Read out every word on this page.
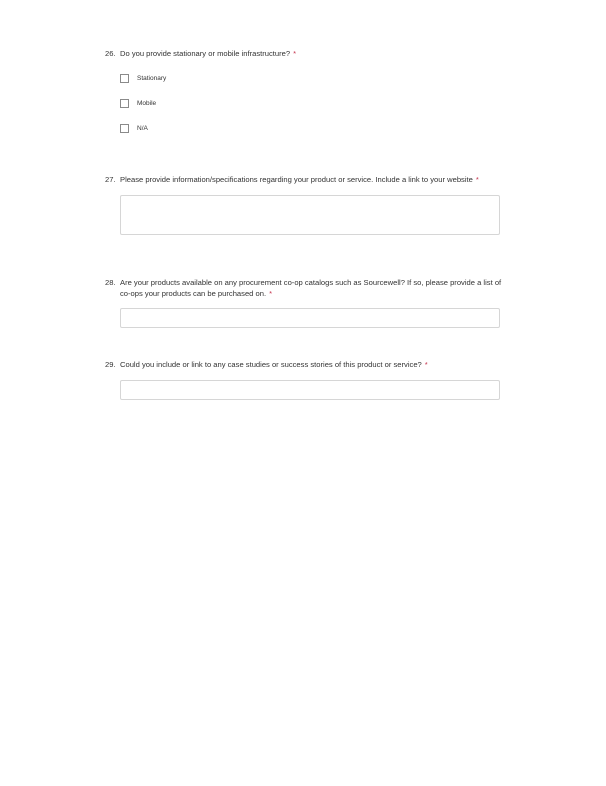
26. Do you provide stationary or mobile infrastructure? *
Stationary
Mobile
N/A
27. Please provide information/specifications regarding your product or service. Include a link to your website *
28. Are your products available on any procurement co-op catalogs such as Sourcewell? If so, please provide a list of co-ops your products can be purchased on. *
29. Could you include or link to any case studies or success stories of this product or service? *
